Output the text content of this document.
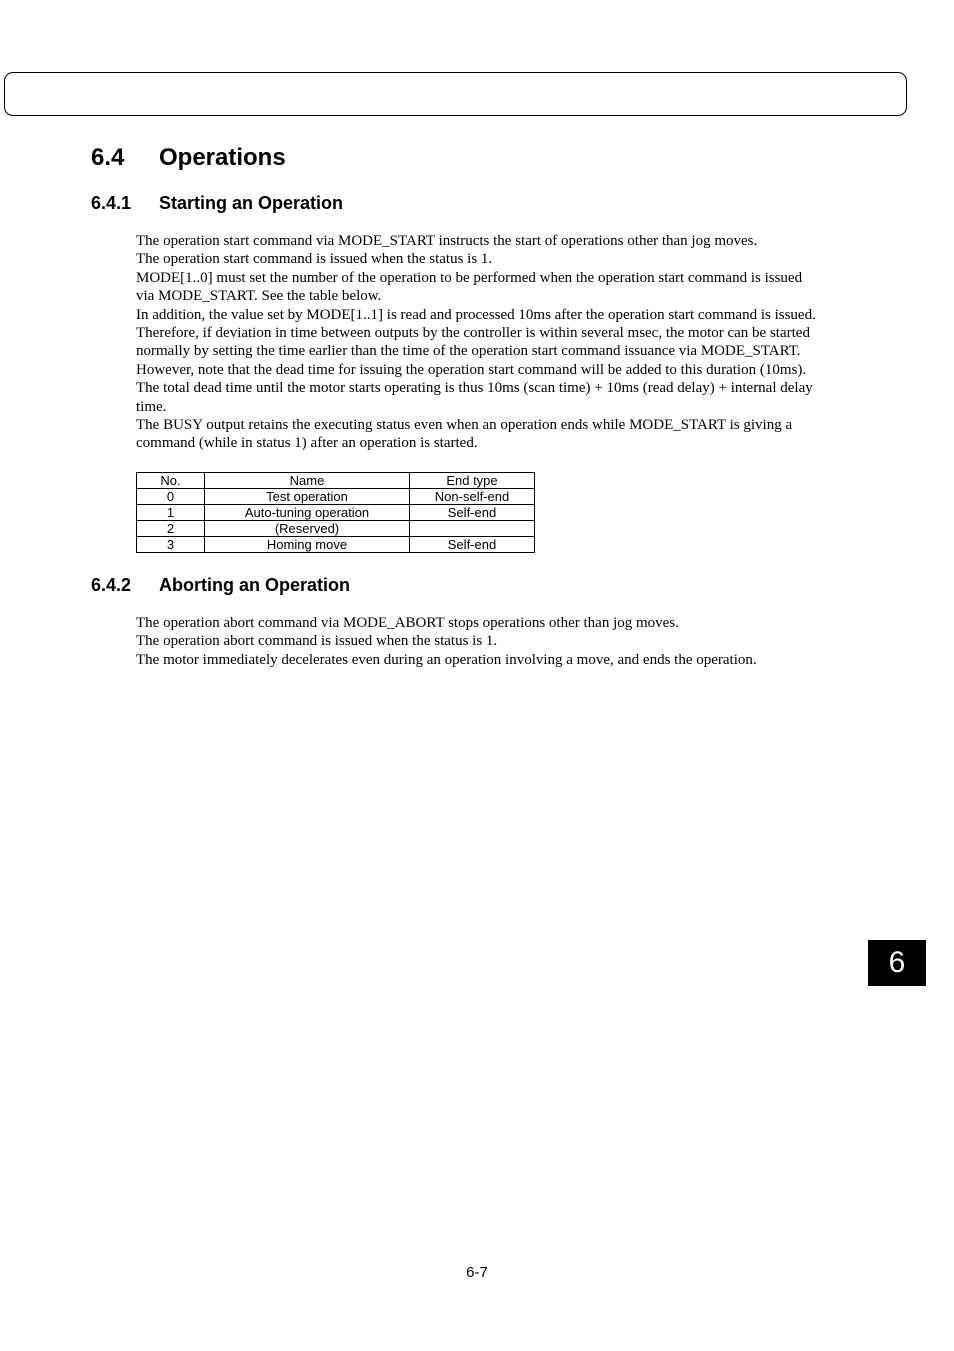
6.4 Operations
6.4.1 Starting an Operation
The operation start command via MODE_START instructs the start of operations other than jog moves.
The operation start command is issued when the status is 1.
MODE[1..0] must set the number of the operation to be performed when the operation start command is issued
via MODE_START. See the table below.
In addition, the value set by MODE[1..1] is read and processed 10ms after the operation start command is issued.
Therefore, if deviation in time between outputs by the controller is within several msec, the motor can be started
normally by setting the time earlier than the time of the operation start command issuance via MODE_START.
However, note that the dead time for issuing the operation start command will be added to this duration (10ms).
The total dead time until the motor starts operating is thus 10ms (scan time) + 10ms (read delay) + internal delay
time.
The BUSY output retains the executing status even when an operation ends while MODE_START is giving a
command (while in status 1) after an operation is started.
No.	Name	End type
0	Test operation	Non-self-end
1	Auto-tuning operation	Self-end
2	(Reserved)	
3	Homing move	Self-end
6.4.2 Aborting an Operation
The operation abort command via MODE_ABORT stops operations other than jog moves.
The operation abort command is issued when the status is 1.
The motor immediately decelerates even during an operation involving a move, and ends the operation.
6
6-7
